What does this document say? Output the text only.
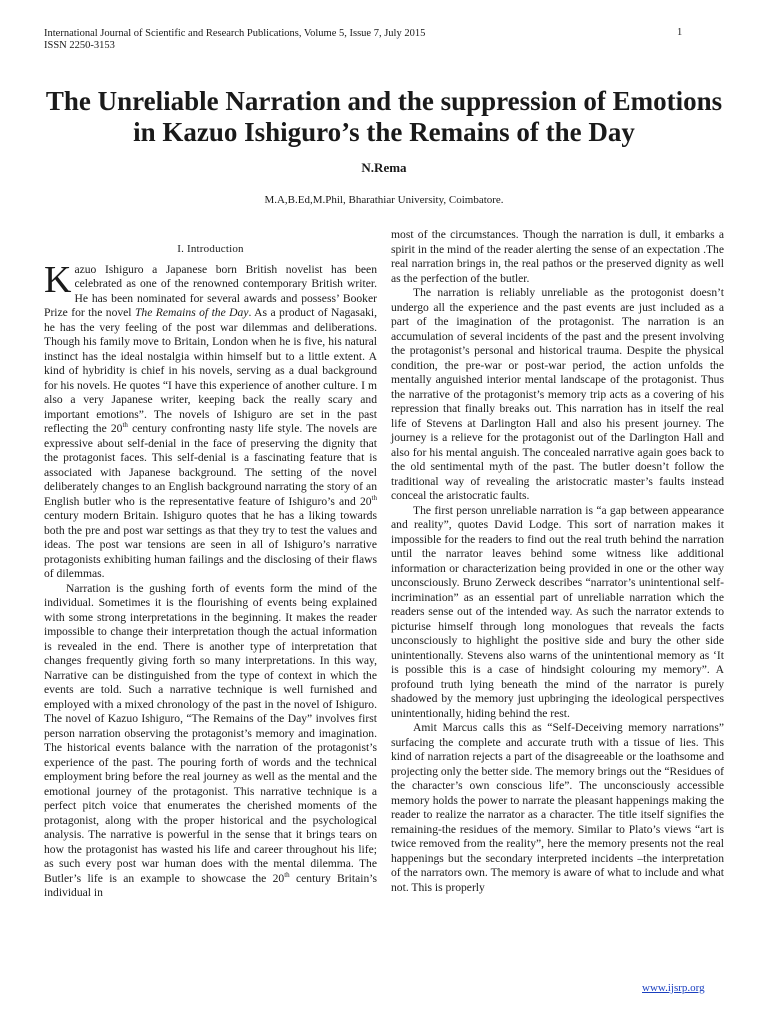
International Journal of Scientific and Research Publications, Volume 5, Issue 7, July 2015
ISSN 2250-3153
1
The Unreliable Narration and the suppression of Emotions in Kazuo Ishiguro’s the Remains of the Day
N.Rema
M.A,B.Ed,M.Phil, Bharathiar University, Coimbatore.
I. Introduction

Kazuo Ishiguro a Japanese born British novelist has been celebrated as one of the renowned contemporary British writer. He has been nominated for several awards and possess’ Booker Prize for the novel The Remains of the Day. As a product of Nagasaki, he has the very feeling of the post war dilemmas and deliberations. Though his family move to Britain, London when he is five, his natural instinct has the ideal nostalgia within himself but to a little extent. A kind of hybridity is chief in his novels, serving as a dual background for his novels. He quotes “I have this experience of another culture. I m also a very Japanese writer, keeping back the really scary and important emotions”. The novels of Ishiguro are set in the past reflecting the 20th century confronting nasty life style. The novels are expressive about self-denial in the face of preserving the dignity that the protagonist faces. This self-denial is a fascinating feature that is associated with Japanese background. The setting of the novel deliberately changes to an English background narrating the story of an English butler who is the representative feature of Ishiguro’s and 20th century modern Britain. Ishiguro quotes that he has a liking towards both the pre and post war settings as that they try to test the values and ideas. The post war tensions are seen in all of Ishiguro’s narrative protagonists exhibiting human failings and the disclosing of their flaws of dilemmas.

Narration is the gushing forth of events form the mind of the individual. Sometimes it is the flourishing of events being explained with some strong interpretations in the beginning. It makes the reader impossible to change their interpretation though the actual information is revealed in the end. There is another type of interpretation that changes frequently giving forth so many interpretations. In this way, Narrative can be distinguished from the type of context in which the events are told. Such a narrative technique is well furnished and employed with a mixed chronology of the past in the novel of Ishiguro. The novel of Kazuo Ishiguro, “The Remains of the Day” involves first person narration observing the protagonist’s memory and imagination. The historical events balance with the narration of the protagonist’s experience of the past. The pouring forth of words and the technical employment bring before the real journey as well as the mental and the emotional journey of the protagonist. This narrative technique is a perfect pitch voice that enumerates the cherished moments of the protagonist, along with the proper historical and the psychological analysis. The narrative is powerful in the sense that it brings tears on how the protagonist has wasted his life and career throughout his life; as such every post war human does with the mental dilemma. The Butler’s life is an example to showcase the 20th century Britain’s individual in

most of the circumstances. Though the narration is dull, it embarks a spirit in the mind of the reader alerting the sense of an expectation .The real narration brings in, the real pathos or the preserved dignity as well as the perfection of the butler.

The narration is reliably unreliable as the protogonist doesn’t undergo all the experience and the past events are just included as a part of the imagination of the protagonist. The narration is an accumulation of several incidents of the past and the present involving the protagonist’s personal and historical trauma. Despite the physical condition, the pre-war or post-war period, the action unfolds the mentally anguished interior mental landscape of the protagonist. Thus the narrative of the protagonist’s memory trip acts as a covering of his repression that finally breaks out. This narration has in itself the real life of Stevens at Darlington Hall and also his present journey. The journey is a relieve for the protagonist out of the Darlington Hall and also for his mental anguish. The concealed narrative again goes back to the old sentimental myth of the past. The butler doesn’t follow the traditional way of revealing the aristocratic master’s faults instead conceal the aristocratic faults.

The first person unreliable narration is “a gap between appearance and reality”, quotes David Lodge. This sort of narration makes it impossible for the readers to find out the real truth behind the narration until the narrator leaves behind some witness like additional information or characterization being provided in one or the other way unconsciously. Bruno Zerweck describes “narrator’s unintentional self-incrimination” as an essential part of unreliable narration which the readers sense out of the intended way. As such the narrator extends to picturise himself through long monologues that reveals the facts unconsciously to highlight the positive side and bury the other side unintentionally. Stevens also warns of the unintentional memory as ‘It is possible this is a case of hindsight colouring my memory”. A profound truth lying beneath the mind of the narrator is purely shadowed by the memory just upbringing the ideological perspectives unintentionally, hiding behind the rest.

Amit Marcus calls this as “Self-Deceiving memory narrations” surfacing the complete and accurate truth with a tissue of lies. This kind of narration rejects a part of the disagreeable or the loathsome and projecting only the better side. The memory brings out the “Residues of the character’s own conscious life”. The unconsciously accessible memory holds the power to narrate the pleasant happenings making the reader to realize the narrator as a character. The title itself signifies the remaining-the residues of the memory. Similar to Plato’s views “art is twice removed from the reality”, here the memory presents not the real happenings but the secondary interpreted incidents –the interpretation of the narrators own. The memory is aware of what to include and what not. This is properly

www.ijsrp.org
